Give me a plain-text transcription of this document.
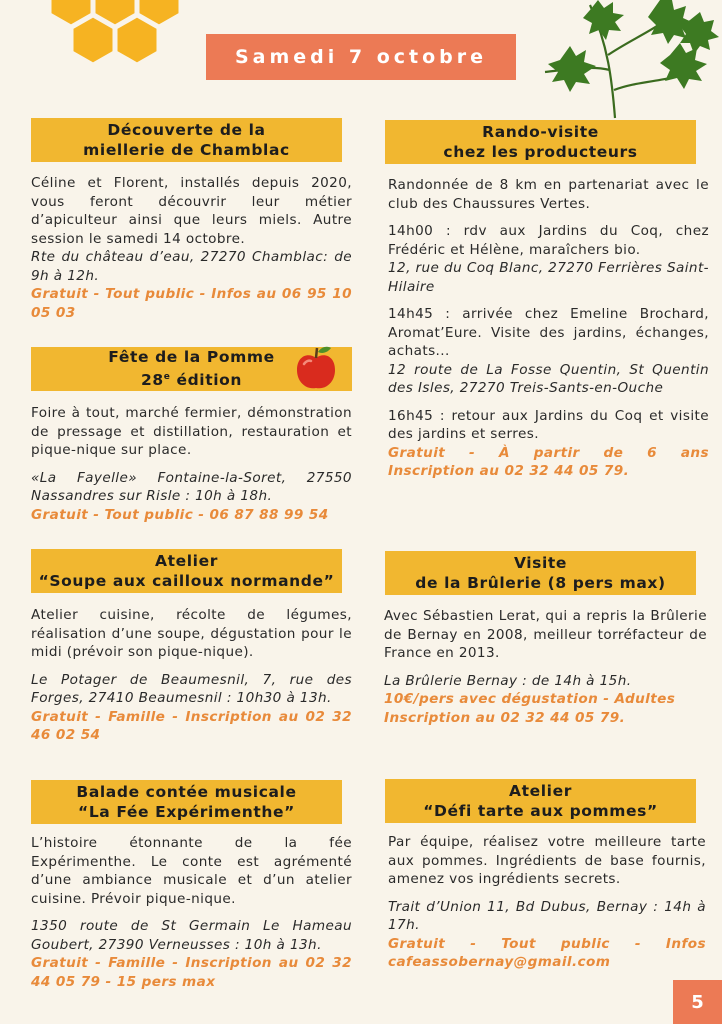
Samedi 7 octobre
Découverte de la
miellerie de Chamblac

Céline et Florent, installés depuis 2020, vous feront découvrir leur métier d’apiculteur ainsi que leurs miels. Autre session le samedi 14 octobre.

Rte du château d’eau, 27270 Chamblac: de 9h à 12h.

Gratuit - Tout public - Infos au 06 95 10 05 03

Fête de la Pomme
28e édition

Foire à tout, marché fermier, démonstration de pressage et distillation, restauration et pique-nique sur place.

«La Fayelle» Fontaine-la-Soret, 27550 Nassandres sur Risle : 10h à 18h.

Gratuit - Tout public - 06 87 88 99 54

Rando-visite
chez les producteurs

Randonnée de 8 km en partenariat avec le club des Chaussures Vertes.

14h00 : rdv aux Jardins du Coq, chez Frédéric et Hélène, maraîchers bio.

12, rue du Coq Blanc, 27270 Ferrières Saint-Hilaire

14h45 : arrivée chez Emeline Brochard, Aromat’Eure. Visite des jardins, échanges, achats...

12 route de La Fosse Quentin, St Quentin des Isles, 27270 Treis-Sants-en-Ouche

16h45 : retour aux Jardins du Coq et visite des jardins et serres.

Gratuit - À partir de 6 ans

Inscription au 02 32 44 05 79.

Atelier
“Soupe aux cailloux normande”

Atelier cuisine, récolte de légumes, réalisation d’une soupe, dégustation pour le midi (prévoir son pique-nique).

Le Potager de Beaumesnil, 7, rue des Forges, 27410 Beaumesnil : 10h30 à 13h.

Gratuit - Famille - Inscription au 02 32 46 02 54

Visite
de la Brûlerie (8 pers max)

Avec Sébastien Lerat, qui a repris la Brûlerie de Bernay en 2008, meilleur torréfacteur de France en 2013.

La Brûlerie Bernay : de 14h à 15h.

10€/pers avec dégustation - Adultes

Inscription au 02 32 44 05 79.

Balade contée musicale
“La Fée Expérimenthe”

L’histoire étonnante de la fée Expérimenthe. Le conte est agrémenté d’une ambiance musicale et d’un atelier cuisine. Prévoir pique-nique.

1350 route de St Germain Le Hameau Goubert, 27390 Verneusses : 10h à 13h.

Gratuit - Famille - Inscription au 02 32 44 05 79 - 15 pers max

Atelier
“Défi tarte aux pommes”

Par équipe, réalisez votre meilleure tarte aux pommes. Ingrédients de base fournis, amenez vos ingrédients secrets.

Trait d’Union 11, Bd Dubus, Bernay : 14h à 17h.

Gratuit - Tout public - Infos

cafeassobernay@gmail.com

5
